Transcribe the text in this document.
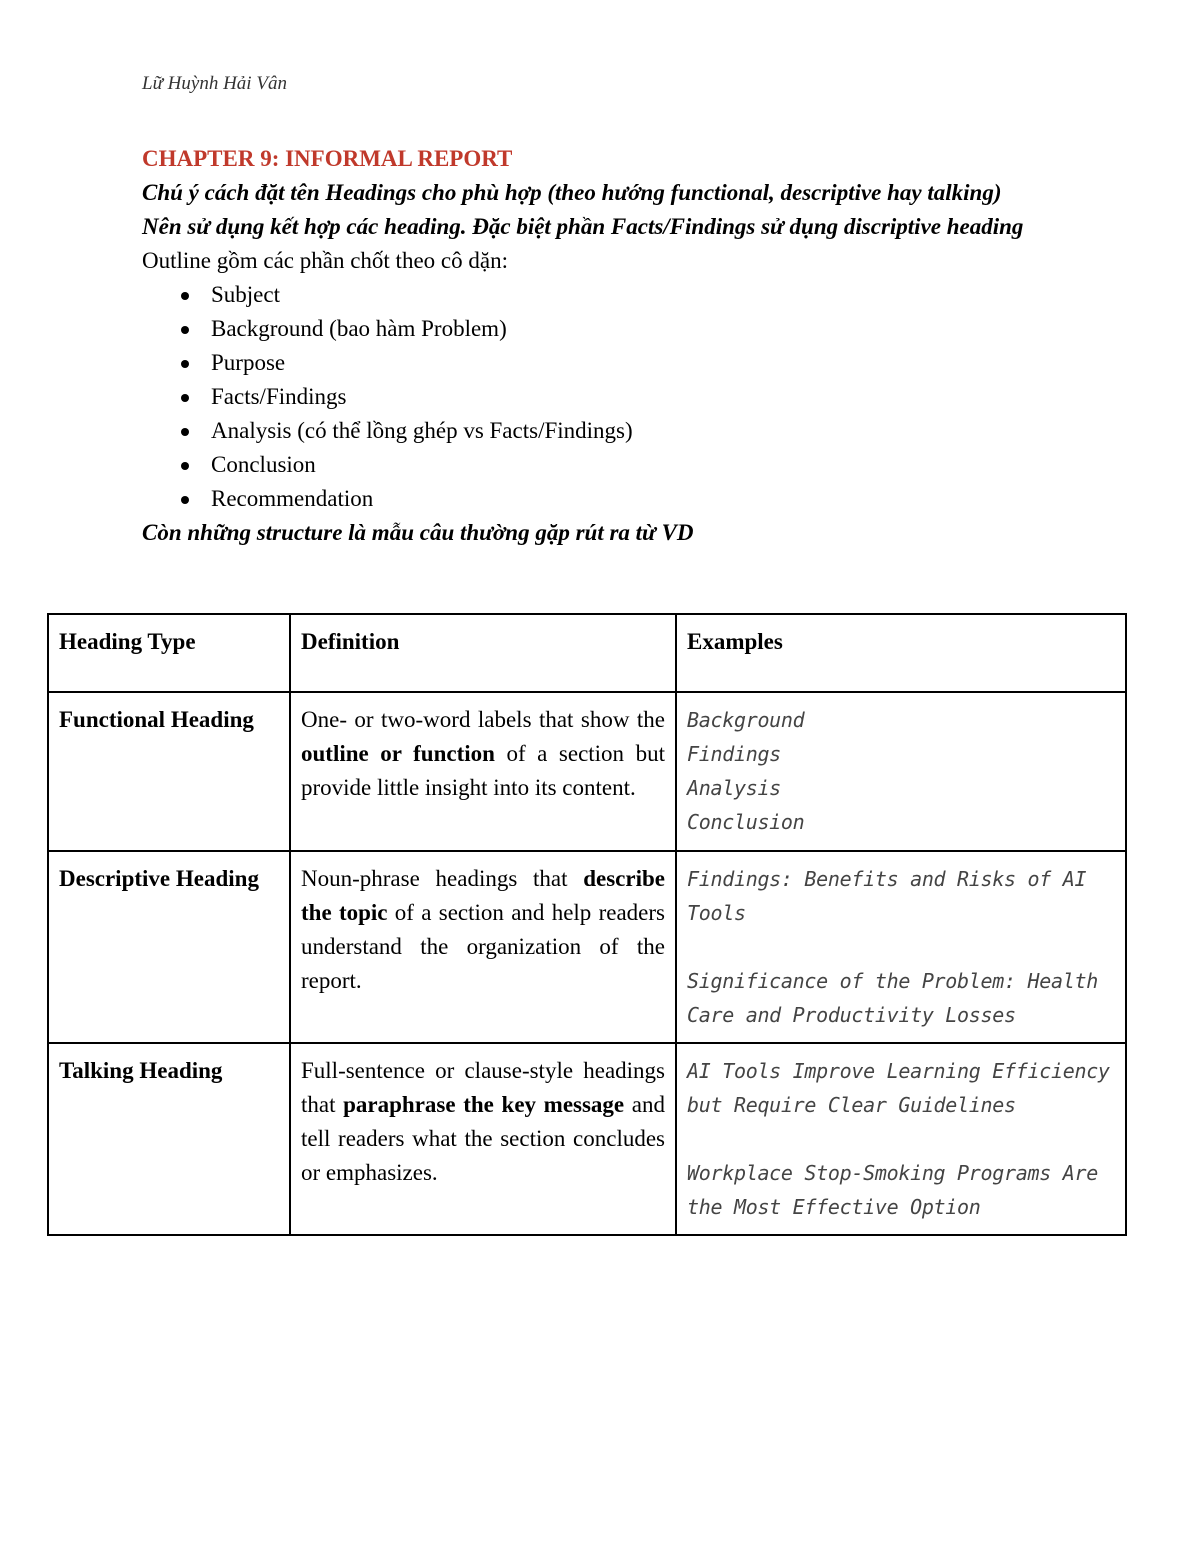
Lữ Huỳnh Hải Vân

CHAPTER 9: INFORMAL REPORT

Chú ý cách đặt tên Headings cho phù hợp (theo hướng functional, descriptive hay talking)

Nên sử dụng kết hợp các heading. Đặc biệt phần Facts/Findings sử dụng discriptive heading

Outline gồm các phần chốt theo cô dặn:

Subject
Background (bao hàm Problem)
Purpose
Facts/Findings
Analysis (có thể lồng ghép vs Facts/Findings)
Conclusion
Recommendation

Còn những structure là mẫu câu thường gặp rút ra từ VD

Heading Type	Definition	Examples
Functional Heading	One- or two-word labels that show the outline or function of a section but provide little insight into its content.	Background
Findings
Analysis
Conclusion

Descriptive Heading	Noun-phrase headings that describe the topic of a section and help readers understand the organization of the report.	Findings: Benefits and Risks of AI Tools
Significance of the Problem: Health Care and Productivity Losses

Talking Heading	Full-sentence or clause-style headings that paraphrase the key message and tell readers what the section concludes or emphasizes.	AI Tools Improve Learning Efficiency but Require Clear Guidelines
Workplace Stop-Smoking Programs Are the Most Effective Option
